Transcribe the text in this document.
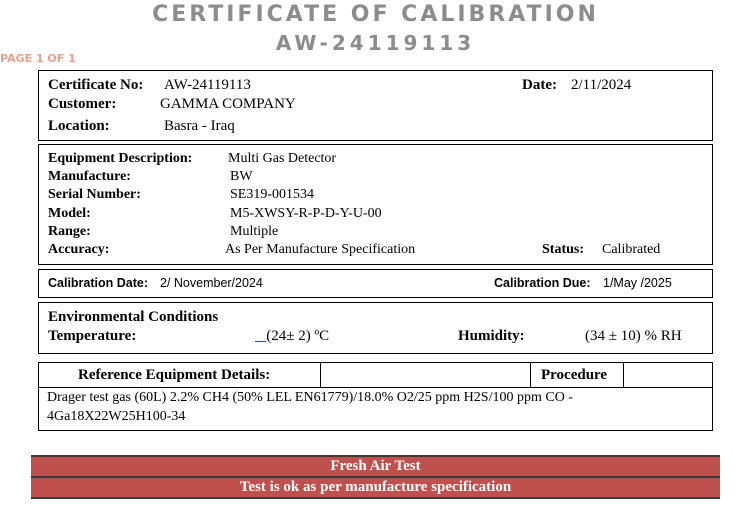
CERTIFICATE OF CALIBRATION
AW-24119113
PAGE 1 OF 1
Certificate No: AW-24119113	Date: 2/11/2024
Customer:	GAMMA COMPANY
Location:	Basra - Iraq
Equipment Description:	Multi Gas Detector
Manufacture:	BW
Serial Number:	SE319-001534
Model:	M5-XWSY-R-P-D-Y-U-00
Range:	Multiple
Accuracy:	As Per Manufacture Specification	Status: Calibrated
Calibration Date: 2/ November/2024	Calibration Due: 1/May /2025
Environmental Conditions
Temperature:	(24± 2) ºC	Humidity:	(34 ± 10) % RH
Reference Equipment Details:	Procedure
Drager test gas (60L) 2.2% CH4 (50% LEL EN61779)/18.0% O2/25 ppm H2S/100 ppm CO -
4Ga18X22W25H100-34
Fresh Air Test
Test is ok as per manufacture specification
